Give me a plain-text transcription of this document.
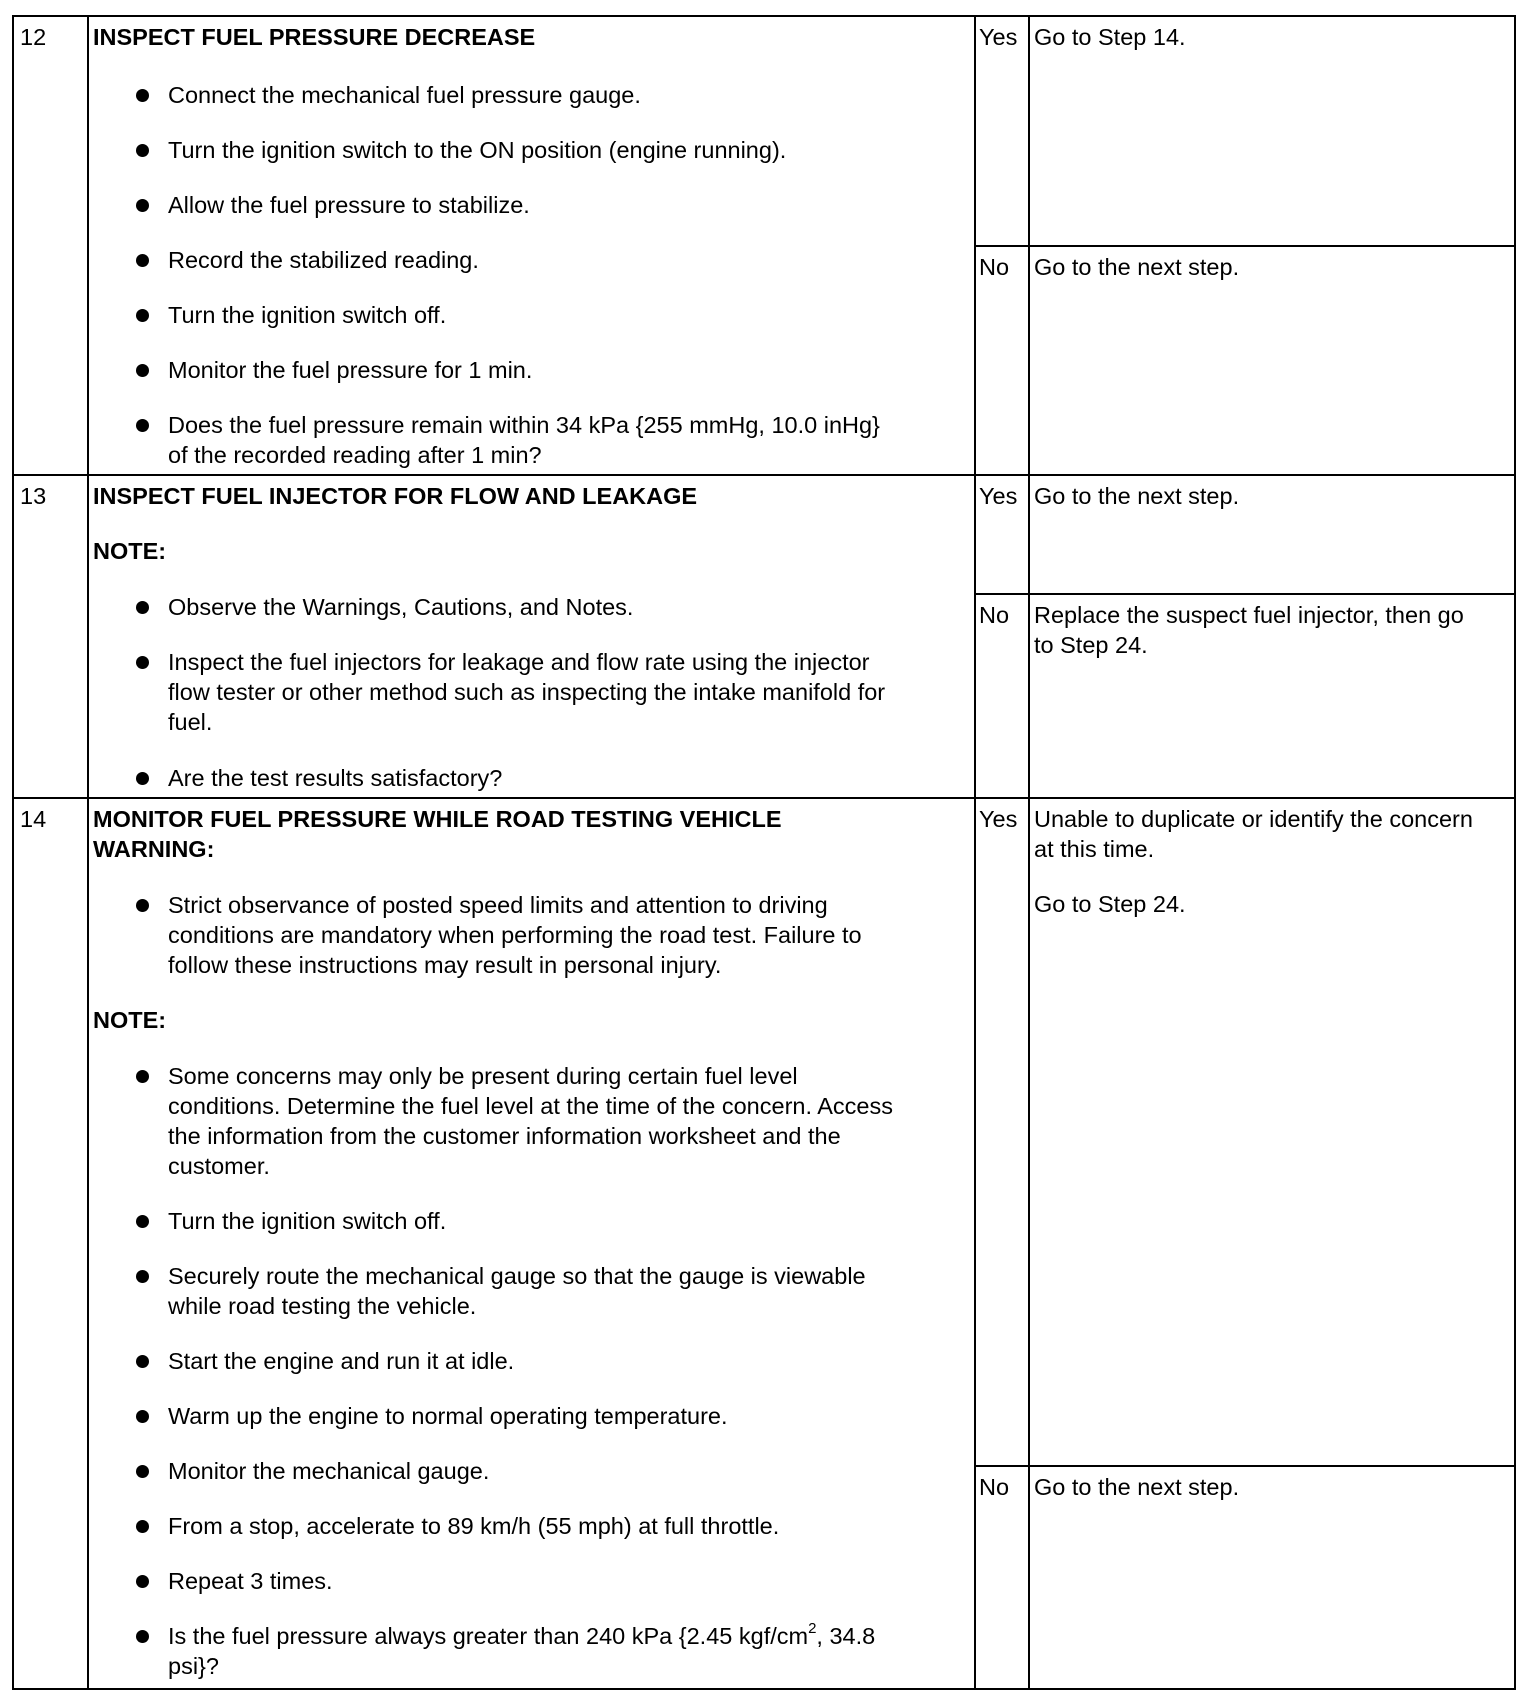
12 INSPECT FUEL PRESSURE DECREASE
Connect the mechanical fuel pressure gauge.
Turn the ignition switch to the ON position (engine running).
Allow the fuel pressure to stabilize.
Record the stabilized reading.
Turn the ignition switch off.
Monitor the fuel pressure for 1 min.
Does the fuel pressure remain within 34 kPa {255 mmHg, 10.0 inHg}
of the recorded reading after 1 min?
Yes Go to Step 14.
No Go to the next step.
13 INSPECT FUEL INJECTOR FOR FLOW AND LEAKAGE
NOTE:
Observe the Warnings, Cautions, and Notes.
Inspect the fuel injectors for leakage and flow rate using the injector
flow tester or other method such as inspecting the intake manifold for
fuel.
Are the test results satisfactory?
Yes Go to the next step.
No Replace the suspect fuel injector, then go
to Step 24.
14 MONITOR FUEL PRESSURE WHILE ROAD TESTING VEHICLE
WARNING:
Strict observance of posted speed limits and attention to driving
conditions are mandatory when performing the road test. Failure to
follow these instructions may result in personal injury.
NOTE:
Some concerns may only be present during certain fuel level
conditions. Determine the fuel level at the time of the concern. Access
the information from the customer information worksheet and the
customer.
Turn the ignition switch off.
Securely route the mechanical gauge so that the gauge is viewable
while road testing the vehicle.
Start the engine and run it at idle.
Warm up the engine to normal operating temperature.
Monitor the mechanical gauge.
From a stop, accelerate to 89 km/h (55 mph) at full throttle.
Repeat 3 times.
Is the fuel pressure always greater than 240 kPa {2.45 kgf/$cm^2$, 34.8
psi}?
Yes Unable to duplicate or identify the concern
at this time.
Go to Step 24.
No Go to the next step.
